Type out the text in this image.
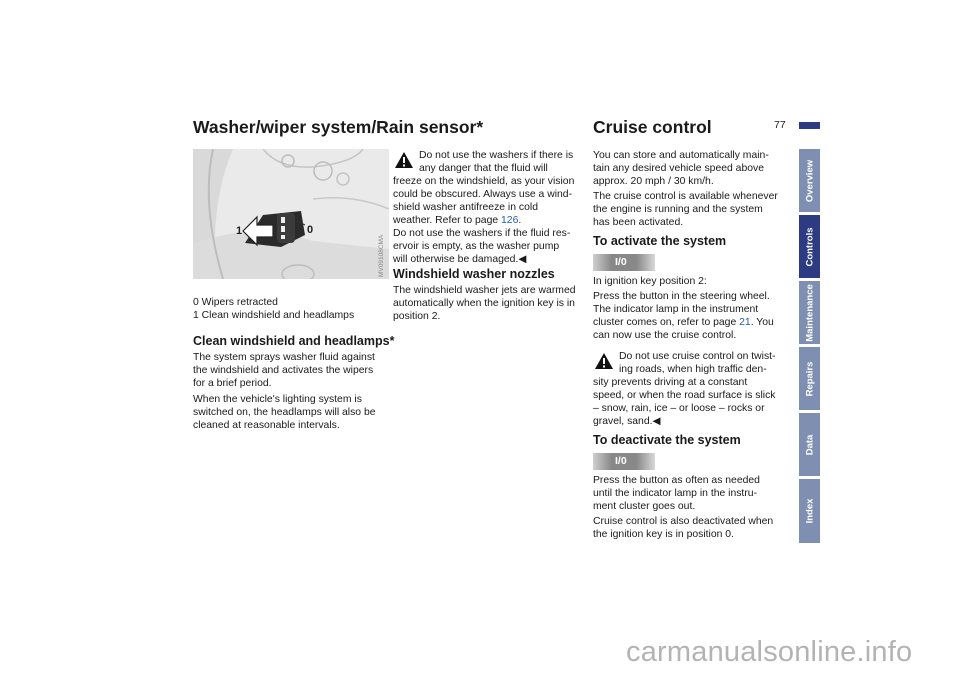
77
Washer/wiper system/Rain sensor*
1	0
MV09108CMA

0 Wipers retracted

1 Clean windshield and headlamps

Clean windshield and headlamps*

The system sprays washer fluid against

the windshield and activates the wipers

for a brief period.

When the vehicle's lighting system is

switched on, the headlamps will also be

cleaned at reasonable intervals.

Do not use the washers if there is

any danger that the fluid will

freeze on the windshield, as your vision

could be obscured. Always use a wind-

shield washer antifreeze in cold

weather. Refer to page 126.

Do not use the washers if the fluid res-

ervoir is empty, as the washer pump

will otherwise be damaged.◀

Windshield washer nozzles

The windshield washer jets are warmed

automatically when the ignition key is in

position 2.

Cruise control

You can store and automatically main-

tain any desired vehicle speed above

approx. 20 mph / 30 km/h.

The cruise control is available whenever

the engine is running and the system

has been activated.

To activate the system
I/0

In ignition key position 2:

Press the button in the steering wheel.

The indicator lamp in the instrument

cluster comes on, refer to page 21. You

can now use the cruise control.

Do not use cruise control on twist-

ing roads, when high traffic den-

sity prevents driving at a constant

speed, or when the road surface is slick

– snow, rain, ice – or loose – rocks or

gravel, sand.◀

To deactivate the system
I/0

Press the button as often as needed

until the indicator lamp in the instru-

ment cluster goes out.

Cruise control is also deactivated when

the ignition key is in position 0.

Overview
Controls
Maintenance
Repairs
Data
Index
carmanualsonline.info
